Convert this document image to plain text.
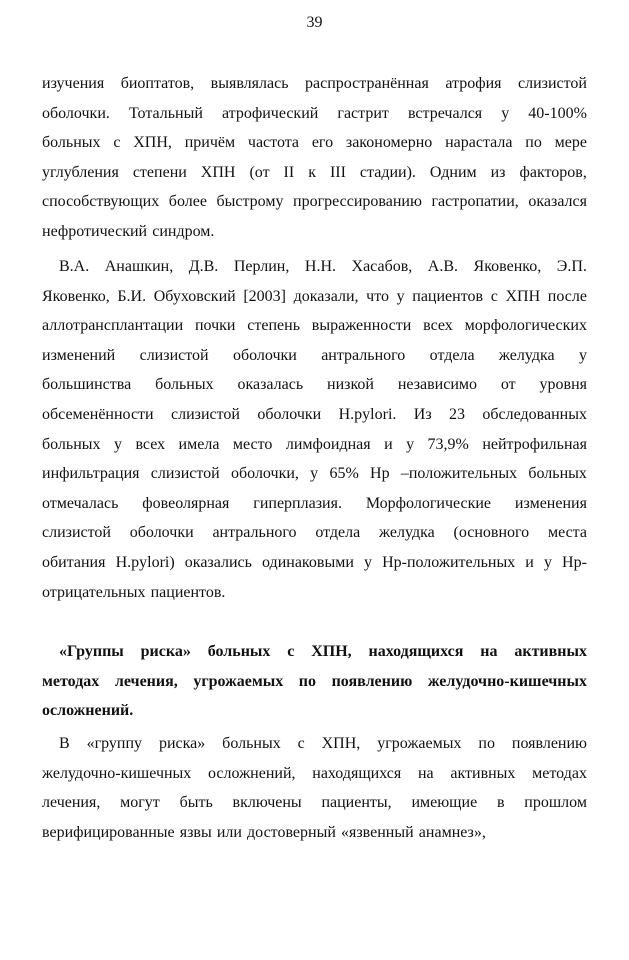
39
изучения биоптатов, выявлялась распространённая атрофия слизистой
оболочки. Тотальный атрофический гастрит встречался у 40-100%
больных с ХПН, причём частота его закономерно нарастала по мере
углубления степени ХПН (от II к III стадии). Одним из факторов,
способствующих более быстрому прогрессированию гастропатии, оказался
нефротический синдром.
В.А. Анашкин, Д.В. Перлин, Н.Н. Хасабов, А.В. Яковенко, Э.П.
Яковенко, Б.И. Обуховский [2003] доказали, что у пациентов с ХПН после
аллотрансплантации почки степень выраженности всех морфологических
изменений слизистой оболочки антрального отдела желудка у
большинства больных оказалась низкой независимо от уровня
обсеменённости слизистой оболочки H.pylori. Из 23 обследованных
больных у всех имела место лимфоидная и у 73,9% нейтрофильная
инфильтрация слизистой оболочки, у 65% Hp –положительных больных
отмечалась фовеолярная гиперплазия. Морфологические изменения
слизистой оболочки антрального отдела желудка (основного места
обитания H.pylori) оказались одинаковыми у Hp-положительных и у Hp-
отрицательных пациентов.
«Группы риска» больных с ХПН, находящихся на активных
методах лечения, угрожаемых по появлению желудочно-кишечных
осложнений.
В «группу риска» больных с ХПН, угрожаемых по появлению
желудочно-кишечных осложнений, находящихся на активных методах
лечения, могут быть включены пациенты, имеющие в прошлом
верифицированные язвы или достоверный «язвенный анамнез»,
